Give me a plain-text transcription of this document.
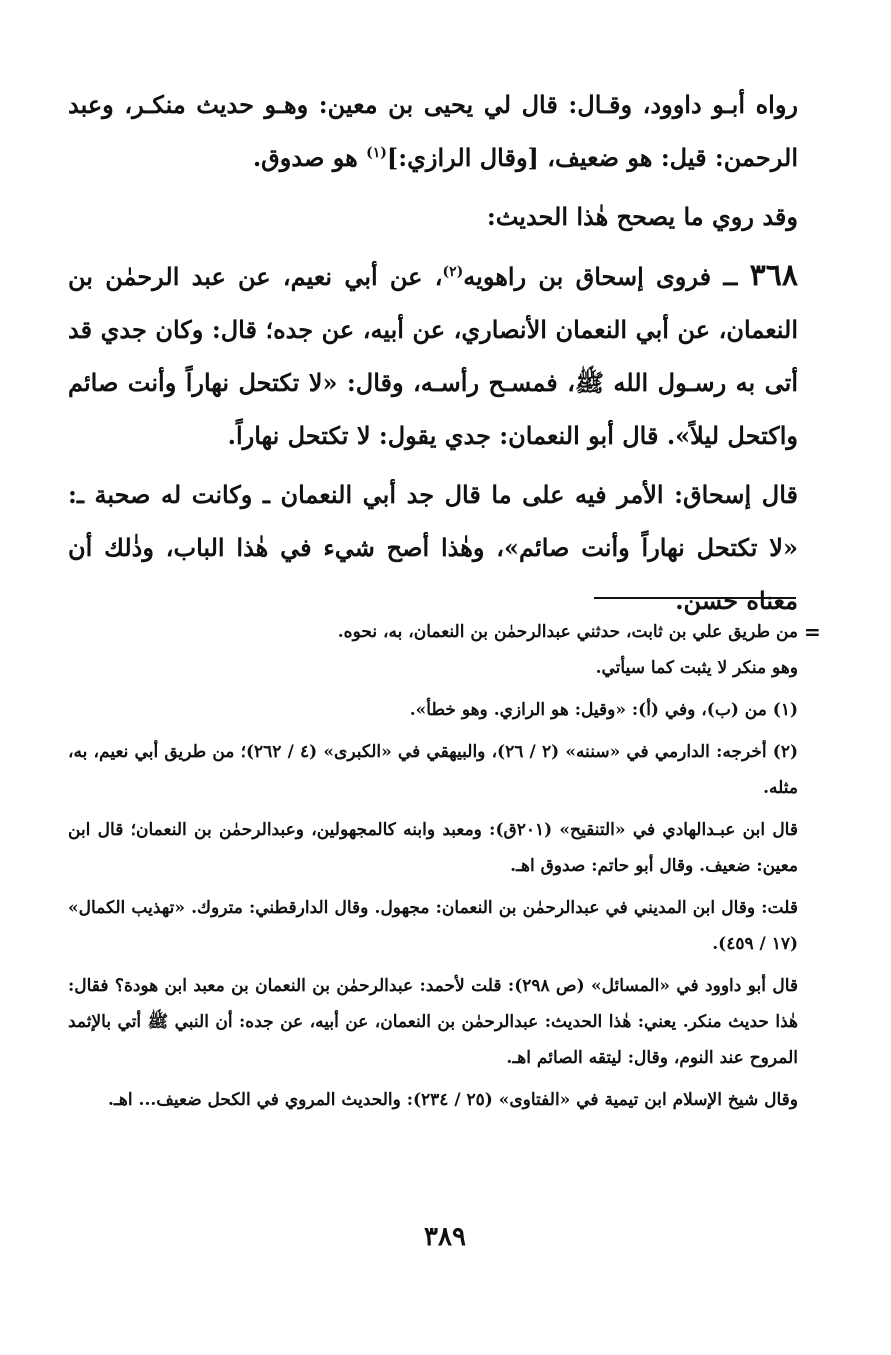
رواه أبـو داوود، وقـال: قال لي يحيى بن معين: وهـو حديث منكـر، وعبد الرحمن: قيل: هو ضعيف، [وقال الرازي:]$^{(١)}$ هو صدوق.

وقد روي ما يصحح هٰذا الحديث:

٣٦٨ ــ فروى إسحاق بن راهويه$^{(٢)}$، عن أبي نعيم، عن عبد الرحمٰن بن النعمان، عن أبي النعمان الأنصاري، عن أبيه، عن جده؛ قال: وكان جدي قد أتى به رسـول الله ﷺ، فمسـح رأسـه، وقال: «لا تكتحل نهاراً وأنت صائم واكتحل ليلاً». قال أبو النعمان: جدي يقول: لا تكتحل نهاراً.

قال إسحاق: الأمر فيه على ما قال جد أبي النعمان ـ وكانت له صحبة ـ: «لا تكتحل نهاراً وأنت صائم»، وهٰذا أصح شيء في هٰذا الباب، وذٰلك أن معناه حسن.

=

من طريق علي بن ثابت، حدثني عبدالرحمٰن بن النعمان، به، نحوه.

وهو منكر لا يثبت كما سيأتي.

(١) من (ب)، وفي (أ): «وقيل: هو الرازي. وهو خطأ».

(٢) أخرجه: الدارمي في «سننه» (٢ / ٢٦)، والبيهقي في «الكبرى» (٤ / ٢٦٢)؛ من طريق أبي نعيم، به، مثله.

قال ابن عبـدالهادي في «التنقيح» (٢٠١ق): ومعبد وابنه كالمجهولين، وعبدالرحمٰن بن النعمان؛ قال ابن معين: ضعيف. وقال أبو حاتم: صدوق اهـ.

قلت: وقال ابن المديني في عبدالرحمٰن بن النعمان: مجهول. وقال الدارقطني: متروك. «تهذيب الكمال» (١٧ / ٤٥٩).

قال أبو داوود في «المسائل» (ص ٢٩٨): قلت لأحمد: عبدالرحمٰن بن النعمان بن معبد ابن هودة؟ فقال: هٰذا حديث منكر. يعني: هٰذا الحديث: عبدالرحمٰن بن النعمان، عن أبيه، عن جده: أن النبي ﷺ أتي بالإثمد المروح عند النوم، وقال: ليتقه الصائم اهـ.

وقال شيخ الإسلام ابن تيمية في «الفتاوى» (٢٥ / ٢٣٤): والحديث المروي في الكحل ضعيف... اهـ.

٣٨٩
